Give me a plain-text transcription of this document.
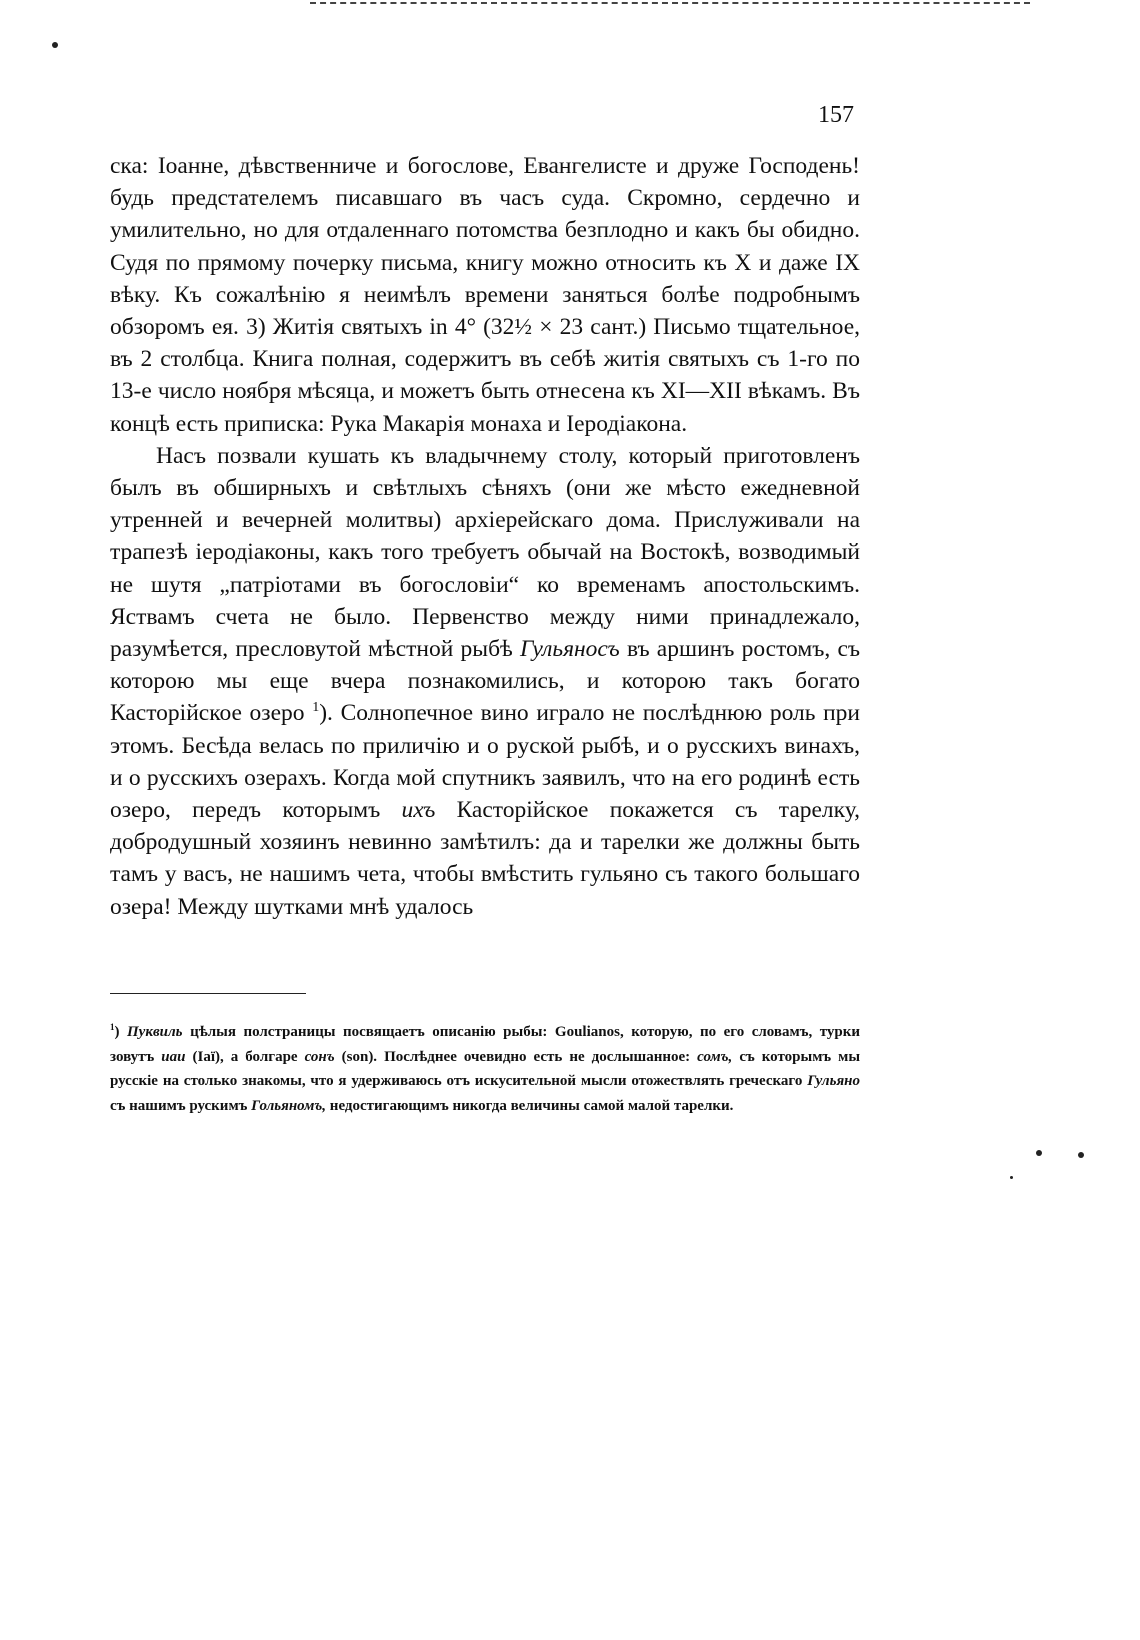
157

ска: Іоанне, дѣвственниче и богослове, Евангелисте и друже Господень! будь предстателемъ писавшаго въ часъ суда. Скромно, сердечно и умилительно, но для отдаленнаго потомства безплодно и какъ бы обидно. Судя по прямому почерку письма, книгу можно относить къ Х и даже IX вѣку. Къ сожалѣнію я неимѣлъ времени заняться болѣе подробнымъ обзоромъ ея. 3) Житія святыхъ in 4° (32½ × 23 сант.) Письмо тщательное, въ 2 столбца. Книга полная, содержитъ въ себѣ житія святыхъ съ 1-го по 13-е число ноября мѣсяца, и можетъ быть отнесена къ XI—XII вѣкамъ. Въ концѣ есть приписка: Рука Макарія монаха и Іеродіакона.

Насъ позвали кушать къ владычнему столу, который приготовленъ былъ въ обширныхъ и свѣтлыхъ сѣняхъ (они же мѣсто ежедневной утренней и вечерней молитвы) архіерейскаго дома. Прислуживали на трапезѣ іеродіаконы, какъ того требуетъ обычай на Востокѣ, возводимый не шутя „патріотами въ богословіи“ ко временамъ апостольскимъ. Яствамъ счета не было. Первенство между ними принадлежало, разумѣется, пресловутой мѣстной рыбѣ Гульяносъ въ аршинъ ростомъ, съ которою мы еще вчера познакомились, и которою такъ богато Касторійское озеро $^1$). Солнопечное вино играло не послѣднюю роль при этомъ. Бесѣда велась по приличію и о руской рыбѣ, и о русскихъ винахъ, и о русскихъ озерахъ. Когда мой спутникъ заявилъ, что на его родинѣ есть озеро, передъ которымъ ихъ Касторійское покажется съ тарелку, добродушный хозяинъ невинно замѣтилъ: да и тарелки же должны быть тамъ у васъ, не нашимъ чета, чтобы вмѣстить гульяно съ такого большаго озера! Между шутками мнѣ удалось

$^1$) Пуквиль цѣлыя полстраницы посвящаетъ описанію рыбы: Goulianos, которую, по его словамъ, турки зовутъ иаи (Iaï), а болгаре сонъ (son). Послѣднее очевидно есть не дослышанное: сомъ, съ которымъ мы русскіе на столько знакомы, что я удерживаюсь отъ искусительной мысли отожествлять греческаго Гульяно съ нашимъ рускимъ Гольяномъ, недостигающимъ никогда величины самой малой тарелки.
